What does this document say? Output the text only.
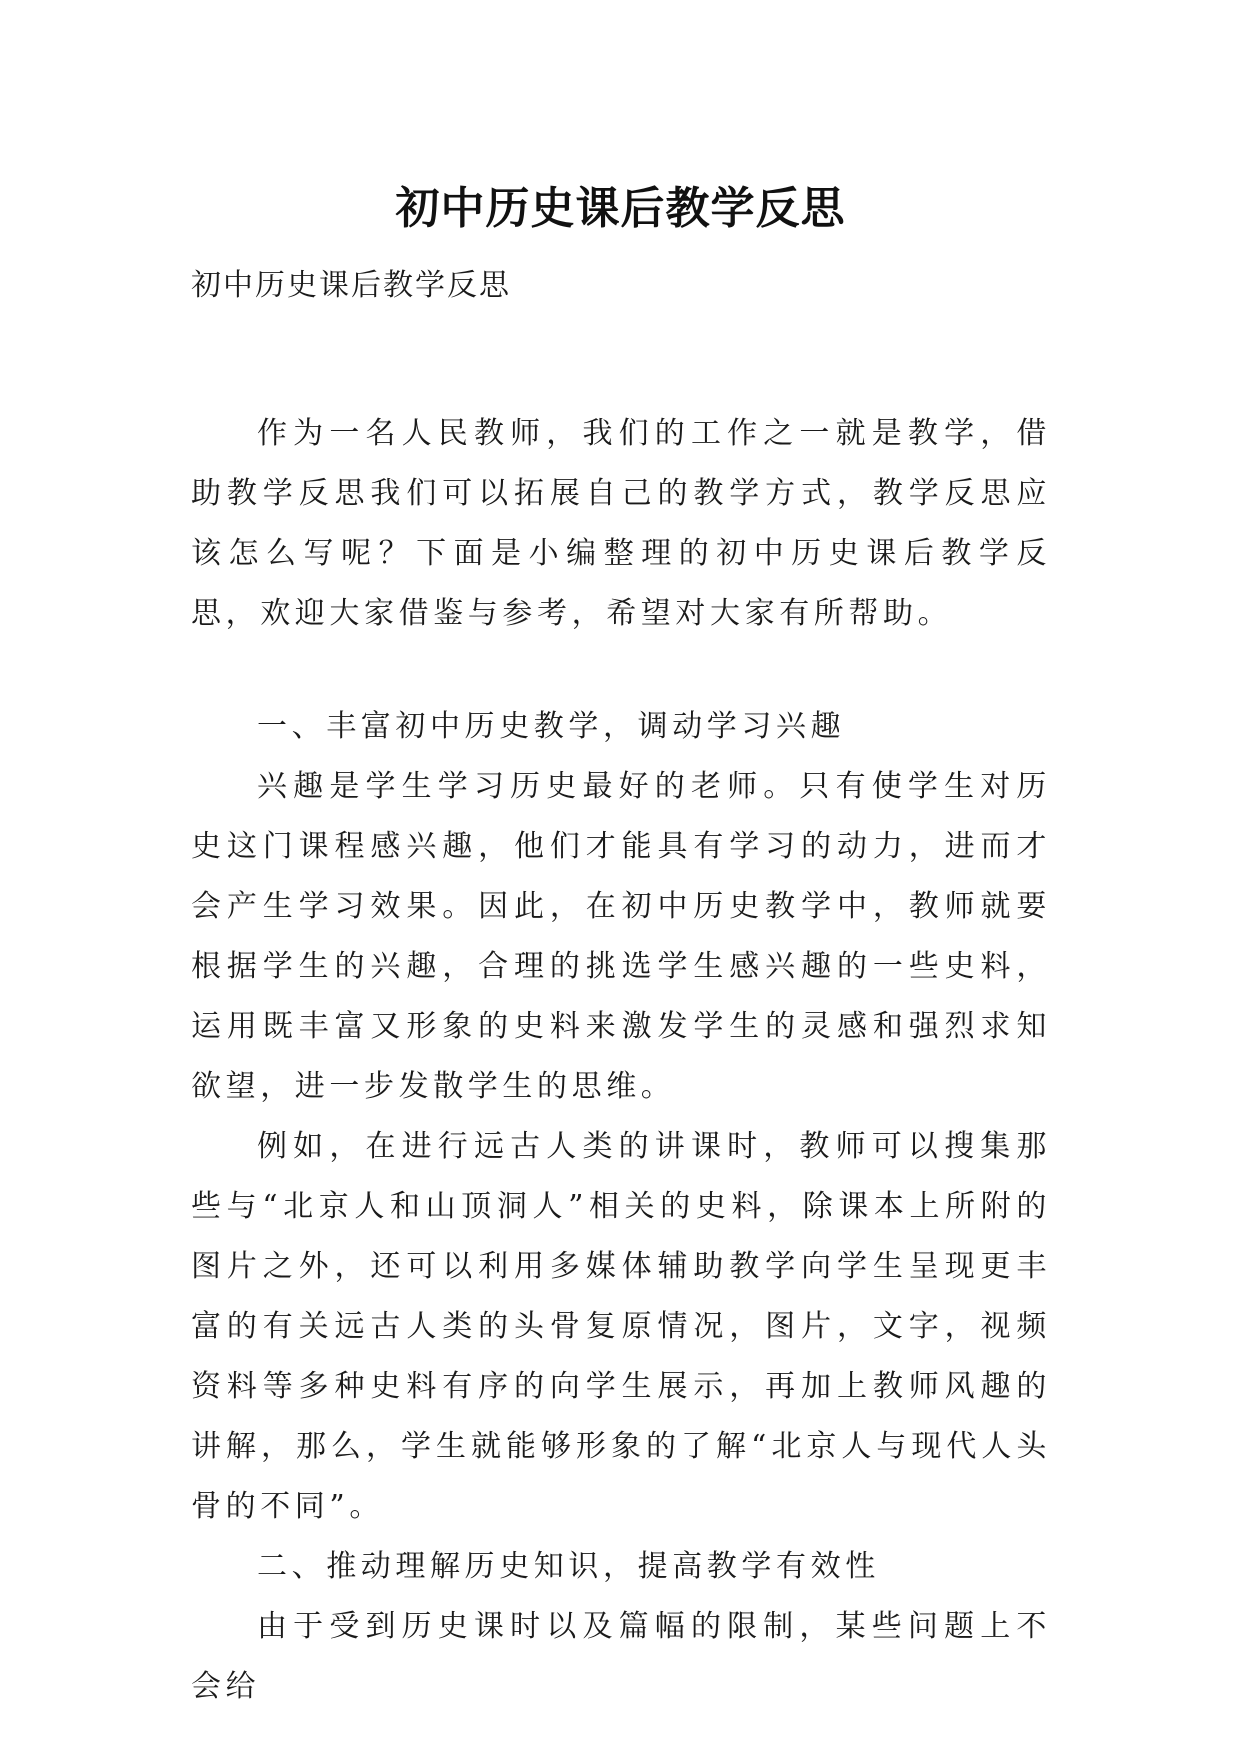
初中历史课后教学反思
初中历史课后教学反思

作为一名人民教师，我们的工作之一就是教学，借助教学反思我们可以拓展自己的教学方式，教学反思应该怎么写呢？下面是小编整理的初中历史课后教学反思，欢迎大家借鉴与参考，希望对大家有所帮助。

一、丰富初中历史教学，调动学习兴趣

兴趣是学生学习历史最好的老师。只有使学生对历史这门课程感兴趣，他们才能具有学习的动力，进而才会产生学习效果。因此，在初中历史教学中，教师就要根据学生的兴趣，合理的挑选学生感兴趣的一些史料，运用既丰富又形象的史料来激发学生的灵感和强烈求知欲望，进一步发散学生的思维。

例如，在进行远古人类的讲课时，教师可以搜集那些与“北京人和山顶洞人”相关的史料，除课本上所附的图片之外，还可以利用多媒体辅助教学向学生呈现更丰富的有关远古人类的头骨复原情况，图片，文字，视频资料等多种史料有序的向学生展示，再加上教师风趣的讲解，那么，学生就能够形象的了解“北京人与现代人头骨的不同”。

二、推动理解历史知识，提高教学有效性

由于受到历史课时以及篇幅的限制，某些问题上不会给
